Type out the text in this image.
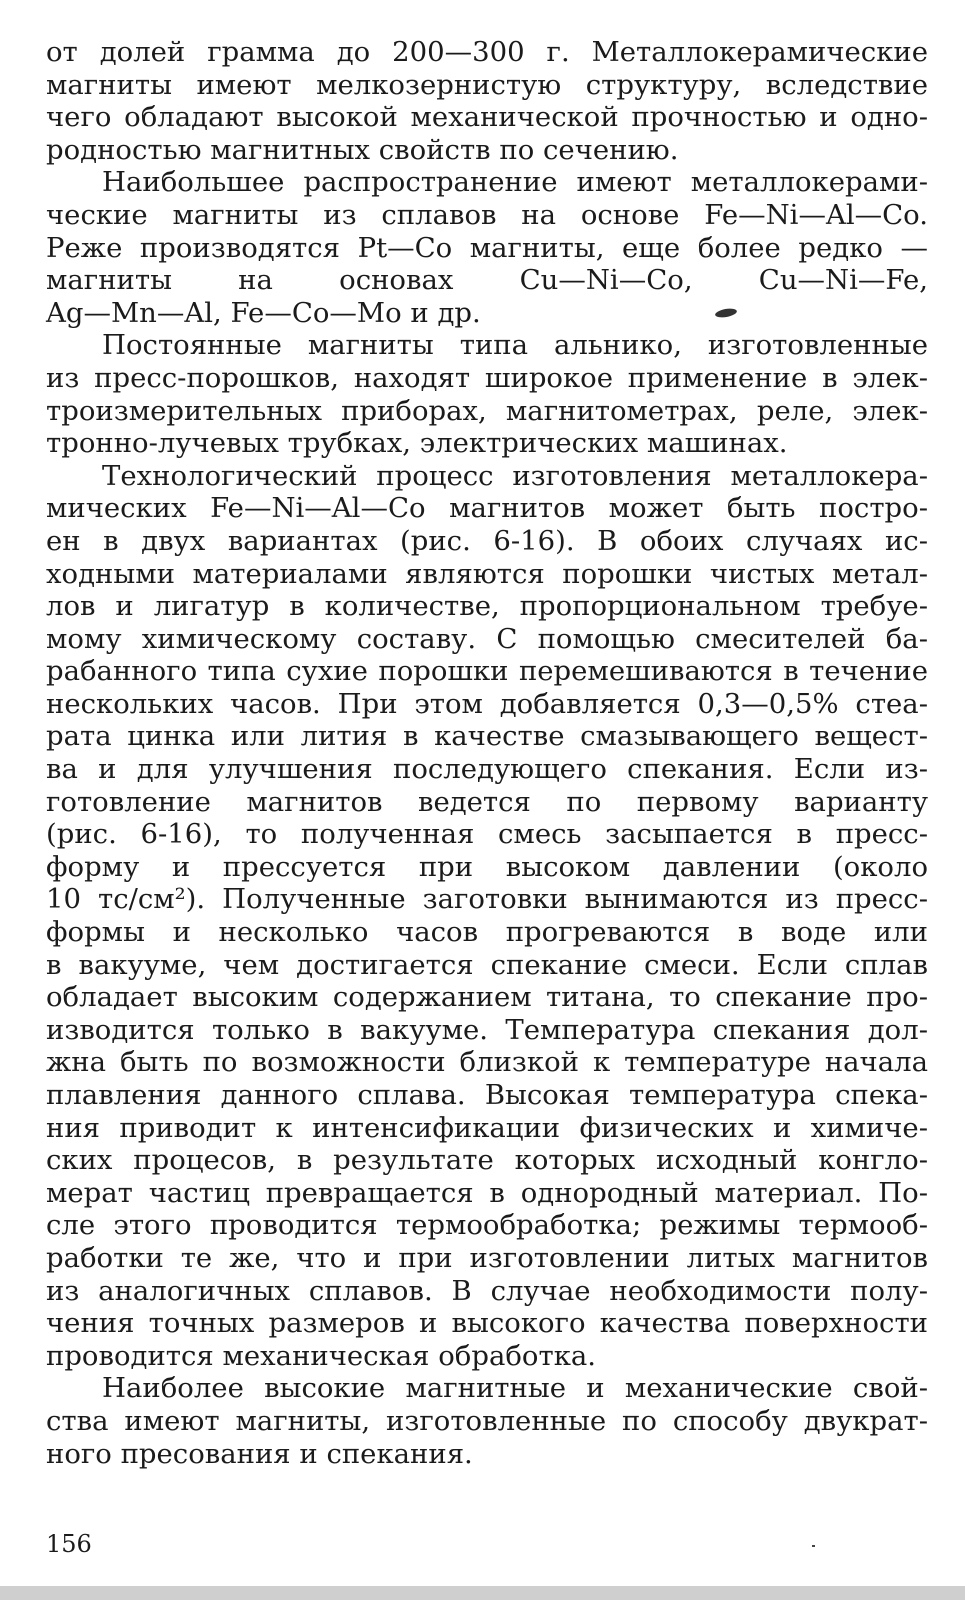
от долей грамма до 200—300 г. Металлокерамические
магниты имеют мелкозернистую структуру, вследствие
чего обладают высокой механической прочностью и одно-
родностью магнитных свойств по сечению.
Наибольшее распространение имеют металлокерами-
ческие магниты из сплавов на основе Fe—Ni—Al—Co.
Реже производятся Pt—Co магниты, еще более редко —
магниты на основах Cu—Ni—Co, Cu—Ni—Fe,
Ag—Mn—Al, Fe—Co—Mo и др.
Постоянные магниты типа альнико, изготовленные
из пресс-порошков, находят широкое применение в элек-
троизмерительных приборах, магнитометрах, реле, элек-
тронно-лучевых трубках, электрических машинах.
Технологический процесс изготовления металлокера-
мических Fe—Ni—Al—Co магнитов может быть постро-
ен в двух вариантах (рис. 6-16). В обоих случаях ис-
ходными материалами являются порошки чистых метал-
лов и лигатур в количестве, пропорциональном требуе-
мому химическому составу. С помощью смесителей ба-
рабанного типа сухие порошки перемешиваются в течение
нескольких часов. При этом добавляется 0,3—0,5% стеа-
рата цинка или лития в качестве смазывающего вещест-
ва и для улучшения последующего спекания. Если из-
готовление магнитов ведется по первому варианту
(рис. 6-16), то полученная смесь засыпается в пресс-
форму и прессуется при высоком давлении (около
10 тс/см²). Полученные заготовки вынимаются из пресс-
формы и несколько часов прогреваются в воде или
в вакууме, чем достигается спекание смеси. Если сплав
обладает высоким содержанием титана, то спекание про-
изводится только в вакууме. Температура спекания дол-
жна быть по возможности близкой к температуре начала
плавления данного сплава. Высокая температура спека-
ния приводит к интенсификации физических и химиче-
ских процесов, в результате которых исходный конгло-
мерат частиц превращается в однородный материал. По-
сле этого проводится термообработка; режимы термооб-
работки те же, что и при изготовлении литых магнитов
из аналогичных сплавов. В случае необходимости полу-
чения точных размеров и высокого качества поверхности
проводится механическая обработка.
Наиболее высокие магнитные и механические свой-
ства имеют магниты, изготовленные по способу двукрат-
ного пресования и спекания.
156
